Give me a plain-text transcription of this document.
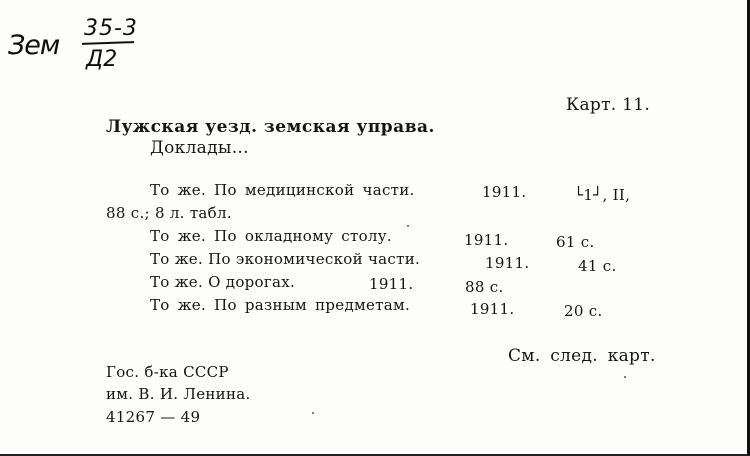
Зем
35-3
Д2
Карт. 11.
Лужская уезд. земская управа.
Доклады...
То же. По медицинской части.	1911.	└1┘, II,
88 с.; 8 л. табл.
То же. По окладному столу.	1911.	61 с.
То же. По экономической части.	1911.	41 с.
То же. О дорогах.	1911.	88 с.
То же. По разным предметам.	1911.	20 с.
См. след. карт.
Гос. б-ка СССР
им. В. И. Ленина.
41267 — 49
